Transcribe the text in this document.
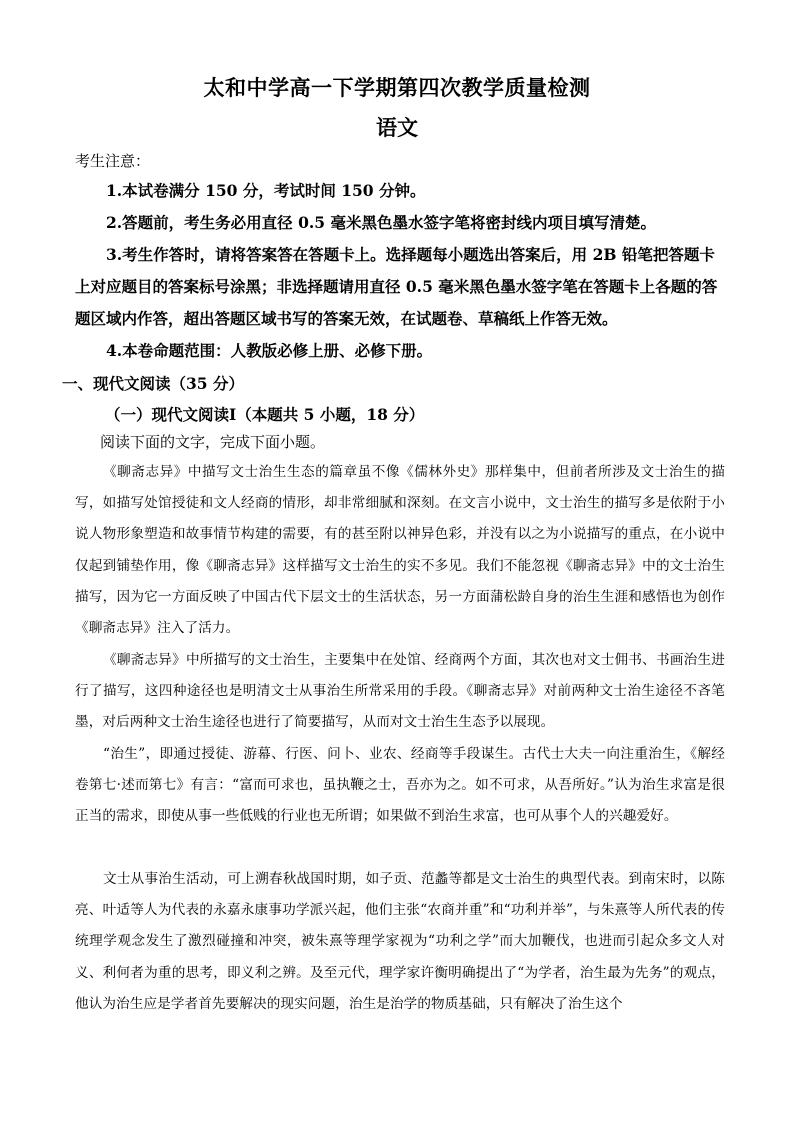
太和中学高一下学期第四次教学质量检测
语文
考生注意：

1.本试卷满分 150 分，考试时间 150 分钟。

2.答题前，考生务必用直径 0.5 毫米黑色墨水签字笔将密封线内项目填写清楚。

3.考生作答时，请将答案答在答题卡上。选择题每小题选出答案后，用 2B 铅笔把答题卡上对应题目的答案标号涂黑；非选择题请用直径 0.5 毫米黑色墨水签字笔在答题卡上各题的答题区域内作答，超出答题区域书写的答案无效，在试题卷、草稿纸上作答无效。

4.本卷命题范围：人教版必修上册、必修下册。

一、现代文阅读（35 分）

（一）现代文阅读Ⅰ（本题共 5 小题，18 分）

阅读下面的文字，完成下面小题。

《聊斋志异》中描写文士治生生态的篇章虽不像《儒林外史》那样集中，但前者所涉及文士治生的描写，如描写处馆授徒和文人经商的情形，却非常细腻和深刻。在文言小说中，文士治生的描写多是依附于小说人物形象塑造和故事情节构建的需要，有的甚至附以神异色彩，并没有以之为小说描写的重点，在小说中仅起到铺垫作用，像《聊斋志异》这样描写文士治生的实不多见。我们不能忽视《聊斋志异》中的文士治生描写，因为它一方面反映了中国古代下层文士的生活状态，另一方面蒲松龄自身的治生生涯和感悟也为创作《聊斋志异》注入了活力。

《聊斋志异》中所描写的文士治生，主要集中在处馆、经商两个方面，其次也对文士佣书、书画治生进行了描写，这四种途径也是明清文士从事治生所常采用的手段。《聊斋志异》对前两种文士治生途径不吝笔墨，对后两种文士治生途径也进行了简要描写，从而对文士治生生态予以展现。

“治生”，即通过授徒、游幕、行医、问卜、业农、经商等手段谋生。古代士大夫一向注重治生，《解经卷第七·述而第七》有言：“富而可求也，虽执鞭之士，吾亦为之。如不可求，从吾所好。”认为治生求富是很正当的需求，即使从事一些低贱的行业也无所谓；如果做不到治生求富，也可从事个人的兴趣爱好。

文士从事治生活动，可上溯春秋战国时期，如子贡、范蠡等都是文士治生的典型代表。到南宋时，以陈亮、叶适等人为代表的永嘉永康事功学派兴起，他们主张“农商并重”和“功利并举”，与朱熹等人所代表的传统理学观念发生了激烈碰撞和冲突，被朱熹等理学家视为“功利之学”而大加鞭伐，也进而引起众多文人对义、利何者为重的思考，即义利之辨。及至元代，理学家许衡明确提出了“为学者，治生最为先务”的观点，他认为治生应是学者首先要解决的现实问题，治生是治学的物质基础，只有解决了治生这个
